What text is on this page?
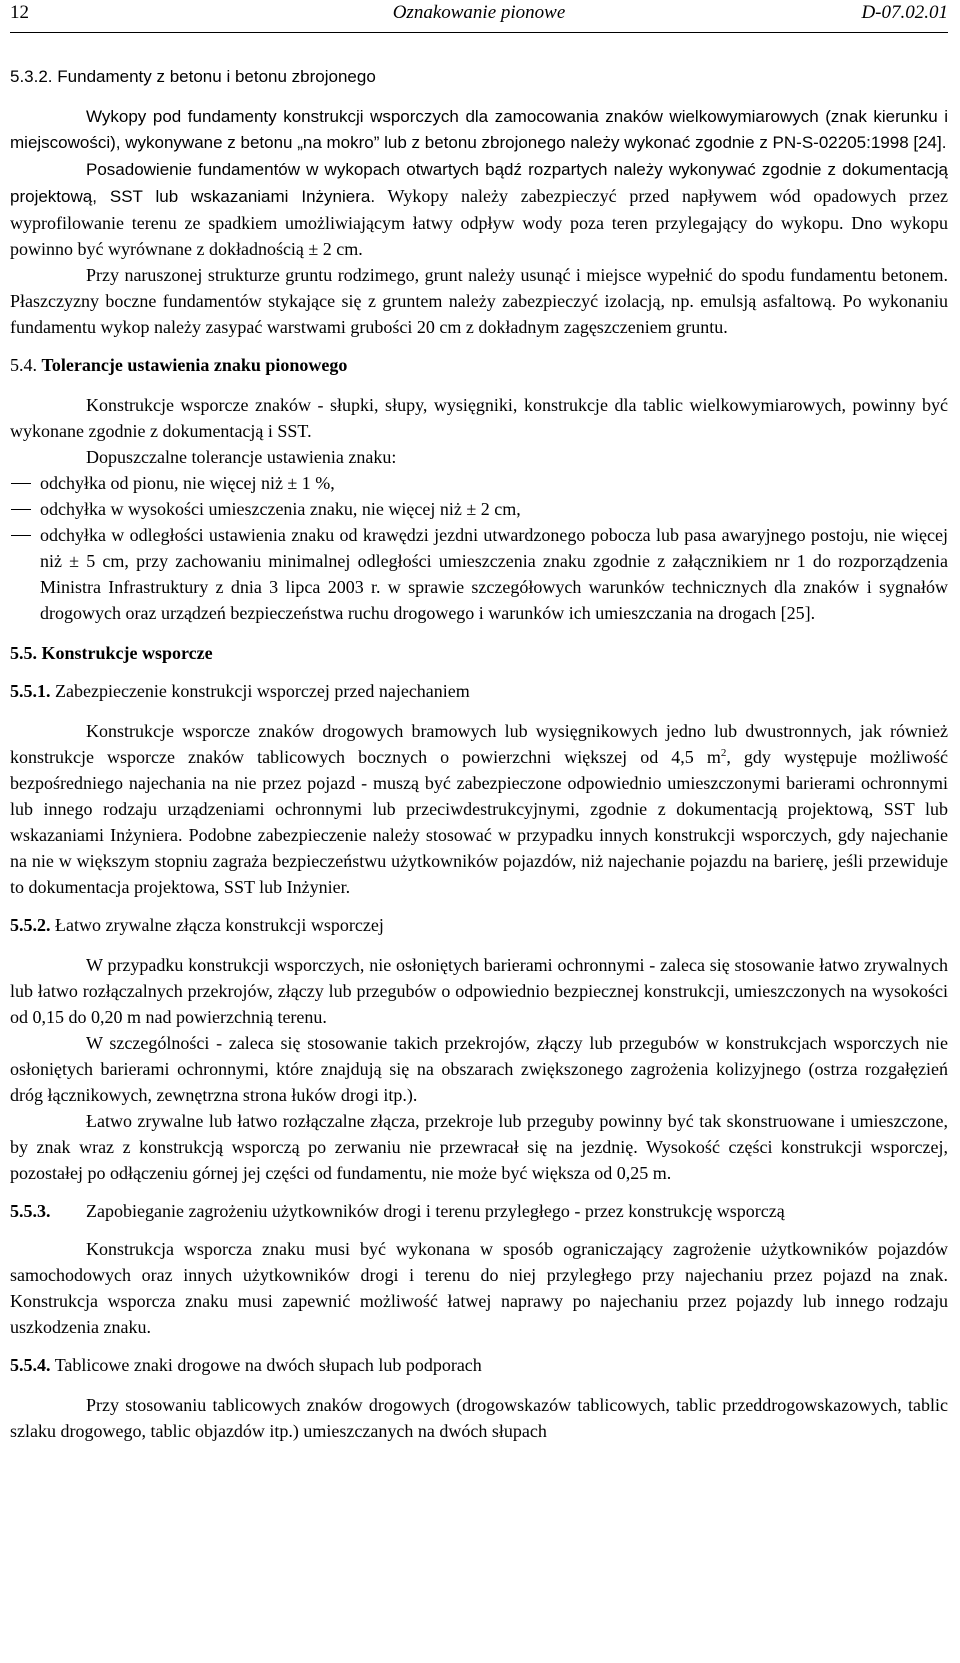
12	Oznakowanie pionowe	D-07.02.01

5.3.2. Fundamenty z betonu i betonu zbrojonego

Wykopy pod fundamenty konstrukcji wsporczych dla zamocowania znaków wielkowymiarowych (znak kierunku i miejscowości), wykonywane z betonu „na mokro” lub z betonu zbrojonego należy wykonać zgodnie z PN-S-02205:1998 [24].

Posadowienie fundamentów w wykopach otwartych bądź rozpartych należy wykonywać zgodnie z dokumentacją projektową, SST lub wskazaniami Inżyniera. Wykopy należy zabezpieczyć przed napływem wód opadowych przez wyprofilowanie terenu ze spadkiem umożliwiającym łatwy odpływ wody poza teren przylegający do wykopu. Dno wykopu powinno być wyrównane z dokładnością ± 2 cm.

Przy naruszonej strukturze gruntu rodzimego, grunt należy usunąć i miejsce wypełnić do spodu fundamentu betonem. Płaszczyzny boczne fundamentów stykające się z gruntem należy zabezpieczyć izolacją, np. emulsją asfaltową. Po wykonaniu fundamentu wykop należy zasypać warstwami grubości 20 cm z dokładnym zagęszczeniem gruntu.

5.4. Tolerancje ustawienia znaku pionowego

Konstrukcje wsporcze znaków - słupki, słupy, wysięgniki, konstrukcje dla tablic wielkowymiarowych, powinny być wykonane zgodnie z dokumentacją i SST.

Dopuszczalne tolerancje ustawienia znaku:

odchyłka od pionu, nie więcej niż ± 1 %,
odchyłka w wysokości umieszczenia znaku, nie więcej niż ± 2 cm,
odchyłka w odległości ustawienia znaku od krawędzi jezdni utwardzonego pobocza lub pasa awaryjnego postoju, nie więcej niż ± 5 cm, przy zachowaniu minimalnej odległości umieszczenia znaku zgodnie z załącznikiem nr 1 do rozporządzenia Ministra Infrastruktury z dnia 3 lipca 2003 r. w sprawie szczegółowych warunków technicznych dla znaków i sygnałów drogowych oraz urządzeń bezpieczeństwa ruchu drogowego i warunków ich umieszczania na drogach [25].

5.5. Konstrukcje wsporcze

5.5.1. Zabezpieczenie konstrukcji wsporczej przed najechaniem

Konstrukcje wsporcze znaków drogowych bramowych lub wysięgnikowych jedno lub dwustronnych, jak również konstrukcje wsporcze znaków tablicowych bocznych o powierzchni większej od 4,5 $m^2$, gdy występuje możliwość bezpośredniego najechania na nie przez pojazd - muszą być zabezpieczone odpowiednio umieszczonymi barierami ochronnymi lub innego rodzaju urządzeniami ochronnymi lub przeciwdestrukcyjnymi, zgodnie z dokumentacją projektową, SST lub wskazaniami Inżyniera. Podobne zabezpieczenie należy stosować w przypadku innych konstrukcji wsporczych, gdy najechanie na nie w większym stopniu zagraża bezpieczeństwu użytkowników pojazdów, niż najechanie pojazdu na barierę, jeśli przewiduje to dokumentacja projektowa, SST lub Inżynier.

5.5.2. Łatwo zrywalne złącza konstrukcji wsporczej

W przypadku konstrukcji wsporczych, nie osłoniętych barierami ochronnymi - zaleca się stosowanie łatwo zrywalnych lub łatwo rozłączalnych przekrojów, złączy lub przegubów o odpowiednio bezpiecznej konstrukcji, umieszczonych na wysokości od 0,15 do 0,20 m nad powierzchnią terenu.

W szczególności - zaleca się stosowanie takich przekrojów, złączy lub przegubów w konstrukcjach wsporczych nie osłoniętych barierami ochronnymi, które znajdują się na obszarach zwiększonego zagrożenia kolizyjnego (ostrza rozgałęzień dróg łącznikowych, zewnętrzna strona łuków drogi itp.).

Łatwo zrywalne lub łatwo rozłączalne złącza, przekroje lub przeguby powinny być tak skonstruowane i umieszczone, by znak wraz z konstrukcją wsporczą po zerwaniu nie przewracał się na jezdnię. Wysokość części konstrukcji wsporczej, pozostałej po odłączeniu górnej jej części od fundamentu, nie może być większa od 0,25 m.

5.5.3. Zapobieganie zagrożeniu użytkowników drogi i terenu przyległego - przez konstrukcję wsporczą

Konstrukcja wsporcza znaku musi być wykonana w sposób ograniczający zagrożenie użytkowników pojazdów samochodowych oraz innych użytkowników drogi i terenu do niej przyległego przy najechaniu przez pojazd na znak. Konstrukcja wsporcza znaku musi zapewnić możliwość łatwej naprawy po najechaniu przez pojazdy lub innego rodzaju uszkodzenia znaku.

5.5.4. Tablicowe znaki drogowe na dwóch słupach lub podporach

Przy stosowaniu tablicowych znaków drogowych (drogowskazów tablicowych, tablic przeddrogowskazowych, tablic szlaku drogowego, tablic objazdów itp.) umieszczanych na dwóch słupach
